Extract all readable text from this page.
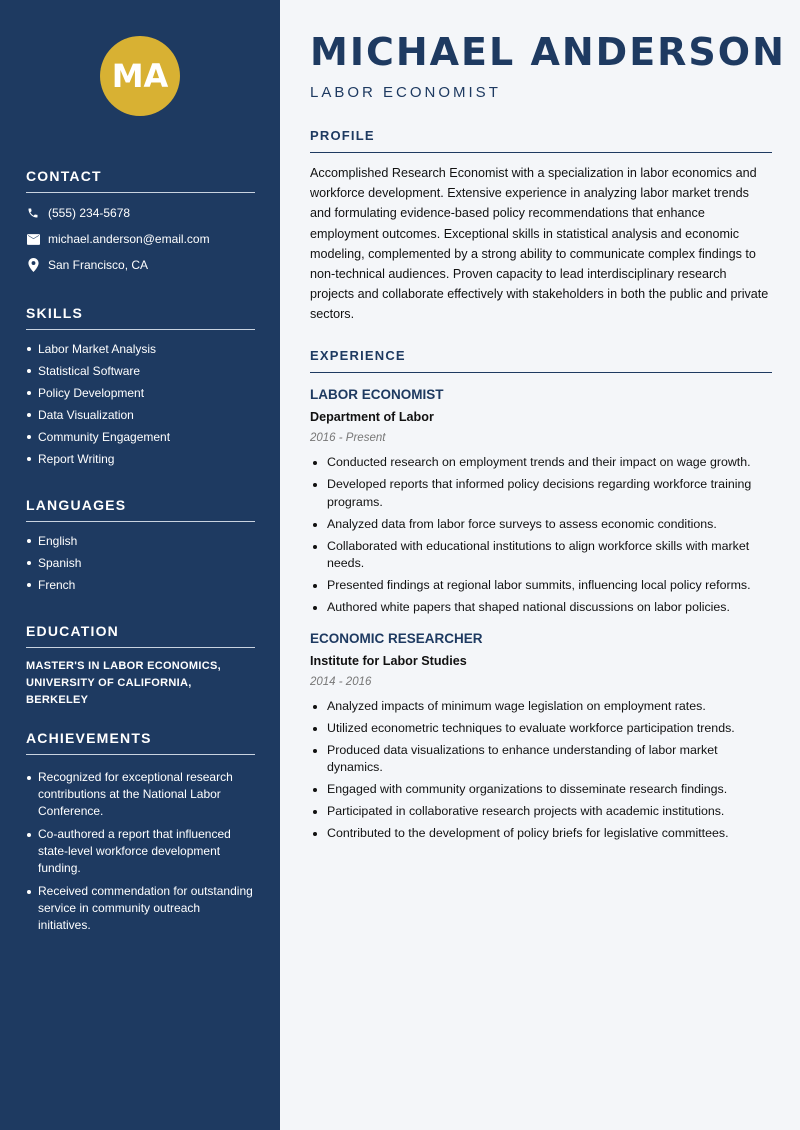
MA
CONTACT
(555) 234-5678
michael.anderson@email.com
San Francisco, CA
SKILLS
Labor Market Analysis
Statistical Software
Policy Development
Data Visualization
Community Engagement
Report Writing
LANGUAGES
English
Spanish
French
EDUCATION
MASTER'S IN LABOR ECONOMICS,
UNIVERSITY OF CALIFORNIA, BERKELEY
ACHIEVEMENTS
Recognized for exceptional research contributions at the National Labor Conference.
Co-authored a report that influenced state-level workforce development funding.
Received commendation for outstanding service in community outreach initiatives.
MICHAEL ANDERSON
LABOR ECONOMIST
PROFILE
Accomplished Research Economist with a specialization in labor economics and workforce development. Extensive experience in analyzing labor market trends and formulating evidence-based policy recommendations that enhance employment outcomes. Exceptional skills in statistical analysis and economic modeling, complemented by a strong ability to communicate complex findings to non-technical audiences. Proven capacity to lead interdisciplinary research projects and collaborate effectively with stakeholders in both the public and private sectors.
EXPERIENCE
LABOR ECONOMIST
Department of Labor
2016 - Present
Conducted research on employment trends and their impact on wage growth.
Developed reports that informed policy decisions regarding workforce training programs.
Analyzed data from labor force surveys to assess economic conditions.
Collaborated with educational institutions to align workforce skills with market needs.
Presented findings at regional labor summits, influencing local policy reforms.
Authored white papers that shaped national discussions on labor policies.
ECONOMIC RESEARCHER
Institute for Labor Studies
2014 - 2016
Analyzed impacts of minimum wage legislation on employment rates.
Utilized econometric techniques to evaluate workforce participation trends.
Produced data visualizations to enhance understanding of labor market dynamics.
Engaged with community organizations to disseminate research findings.
Participated in collaborative research projects with academic institutions.
Contributed to the development of policy briefs for legislative committees.
